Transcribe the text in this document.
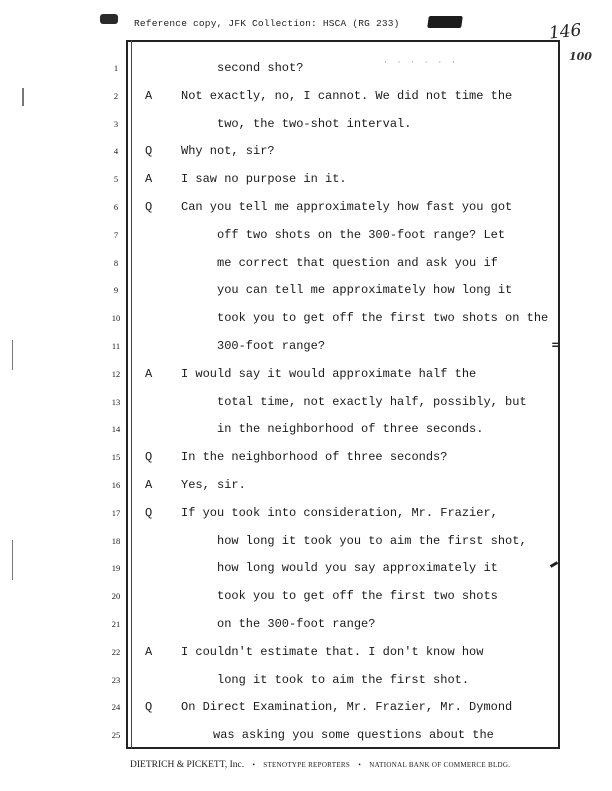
Reference copy, JFK Collection: HSCA (RG 233)	146
100
· · · · · ·
=
1	second shot?
2	A Not exactly, no, I cannot. We did not time the
3	two, the two-shot interval.
4	Q Why not, sir?
5	A I saw no purpose in it.
6	Q Can you tell me approximately how fast you got
7	off two shots on the 300-foot range? Let
8	me correct that question and ask you if
9	you can tell me approximately how long it
10	took you to get off the first two shots on the
11	300-foot range?
12	A I would say it would approximate half the
13	total time, not exactly half, possibly, but
14	in the neighborhood of three seconds.
15	Q In the neighborhood of three seconds?
16	A Yes, sir.
17	Q If you took into consideration, Mr. Frazier,
18	how long it took you to aim the first shot,
19	how long would you say approximately it
20	took you to get off the first two shots
21	on the 300-foot range?
22	A I couldn't estimate that. I don't know how
23	long it took to aim the first shot.
24	Q On Direct Examination, Mr. Frazier, Mr. Dymond
25	was asking you some questions about the
DIETRICH & PICKETT, Inc. • STENOTYPE REPORTERS • NATIONAL BANK OF COMMERCE BLDG.
